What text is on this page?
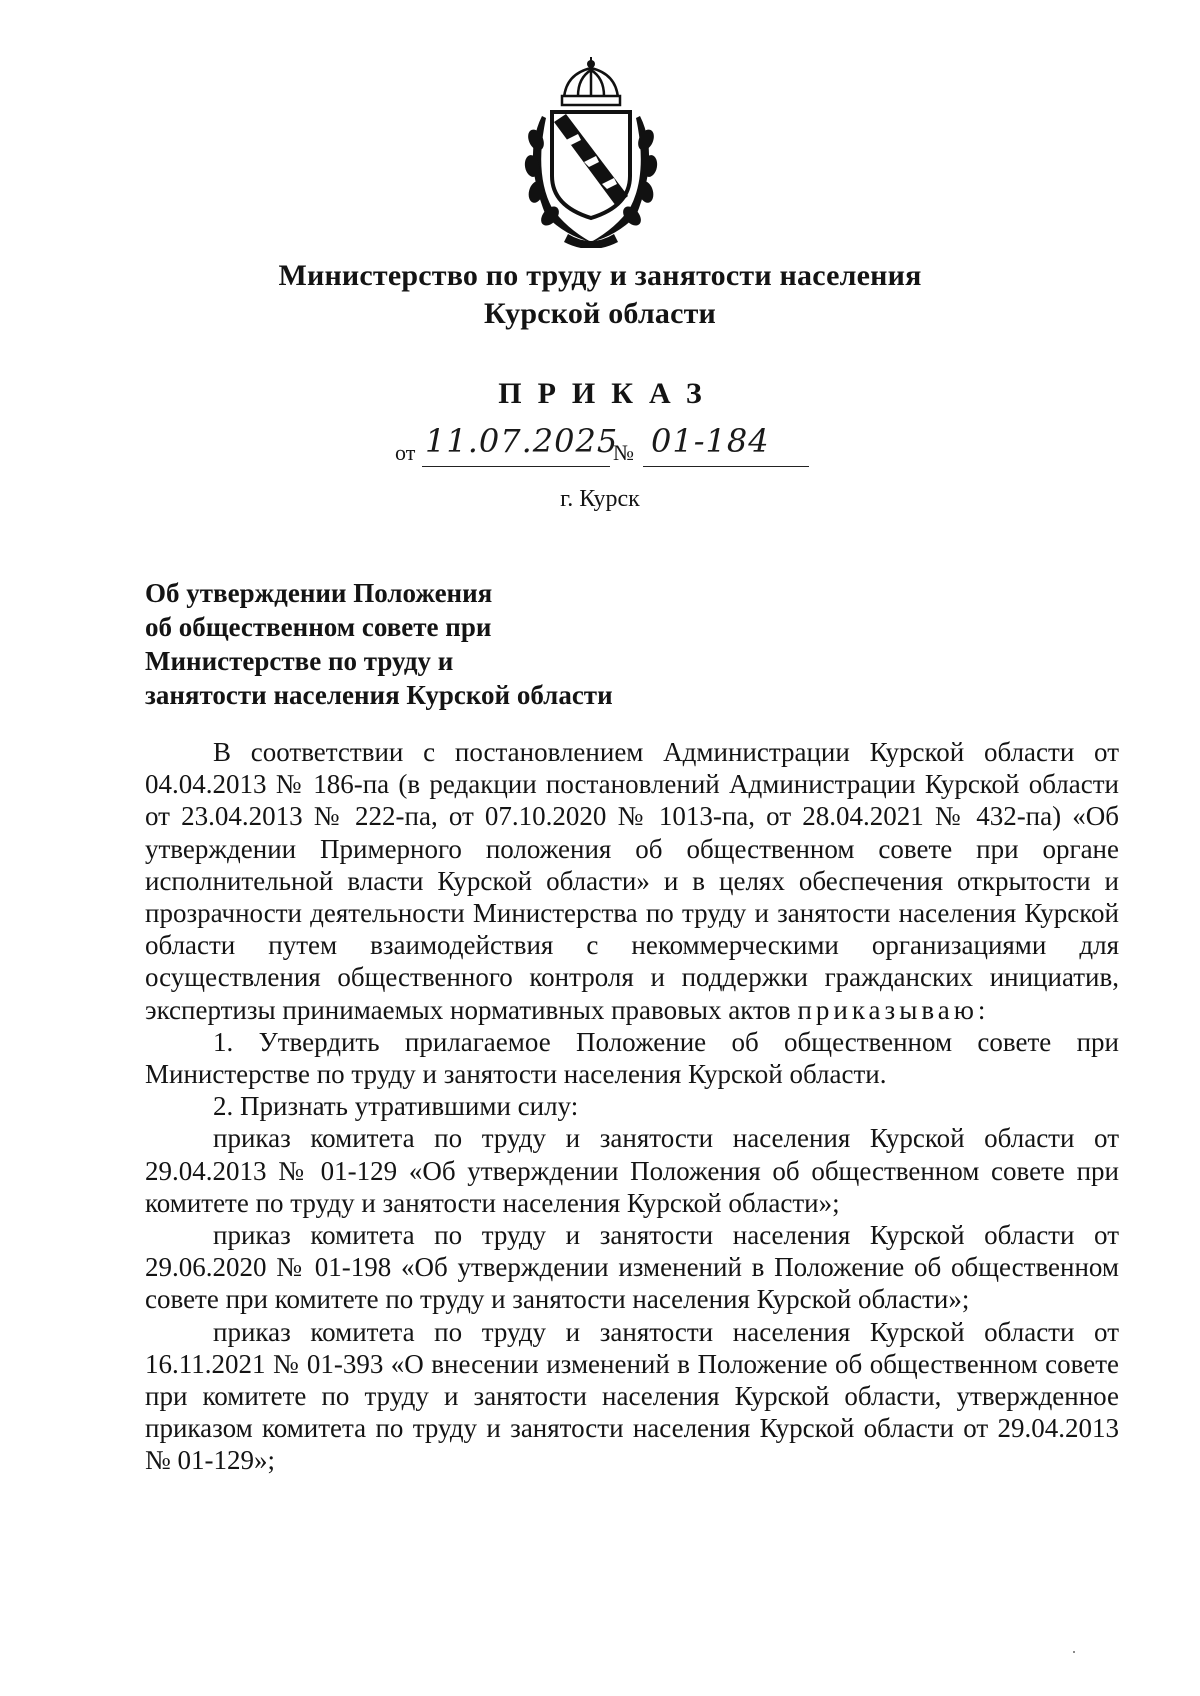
Министерство по труду и занятости населения
Курской области
ПРИКАЗ
от 11.07.2025
№ 01-184
г. Курск
Об утверждении Положения
об общественном совете при
Министерстве по труду и
занятости населения Курской области

В соответствии с постановлением Администрации Курской области от 04.04.2013 № 186-па (в редакции постановлений Администрации Курской области от 23.04.2013 № 222-па, от 07.10.2020 № 1013-па, от 28.04.2021 № 432-па) «Об утверждении Примерного положения об общественном совете при органе исполнительной власти Курской области» и в целях обеспечения открытости и прозрачности деятельности Министерства по труду и занятости населения Курской области путем взаимодействия с некоммерческими организациями для осуществления общественного контроля и поддержки гражданских инициатив, экспертизы принимаемых нормативных правовых актов приказываю:

1. Утвердить прилагаемое Положение об общественном совете при Министерстве по труду и занятости населения Курской области.

2. Признать утратившими силу:

приказ комитета по труду и занятости населения Курской области от 29.04.2013 № 01-129 «Об утверждении Положения об общественном совете при комитете по труду и занятости населения Курской области»;

приказ комитета по труду и занятости населения Курской области от 29.06.2020 № 01-198 «Об утверждении изменений в Положение об общественном совете при комитете по труду и занятости населения Курской области»;

приказ комитета по труду и занятости населения Курской области от 16.11.2021 № 01-393 «О внесении изменений в Положение об общественном совете при комитете по труду и занятости населения Курской области, утвержденное приказом комитета по труду и занятости населения Курской области от 29.04.2013 № 01-129»;
